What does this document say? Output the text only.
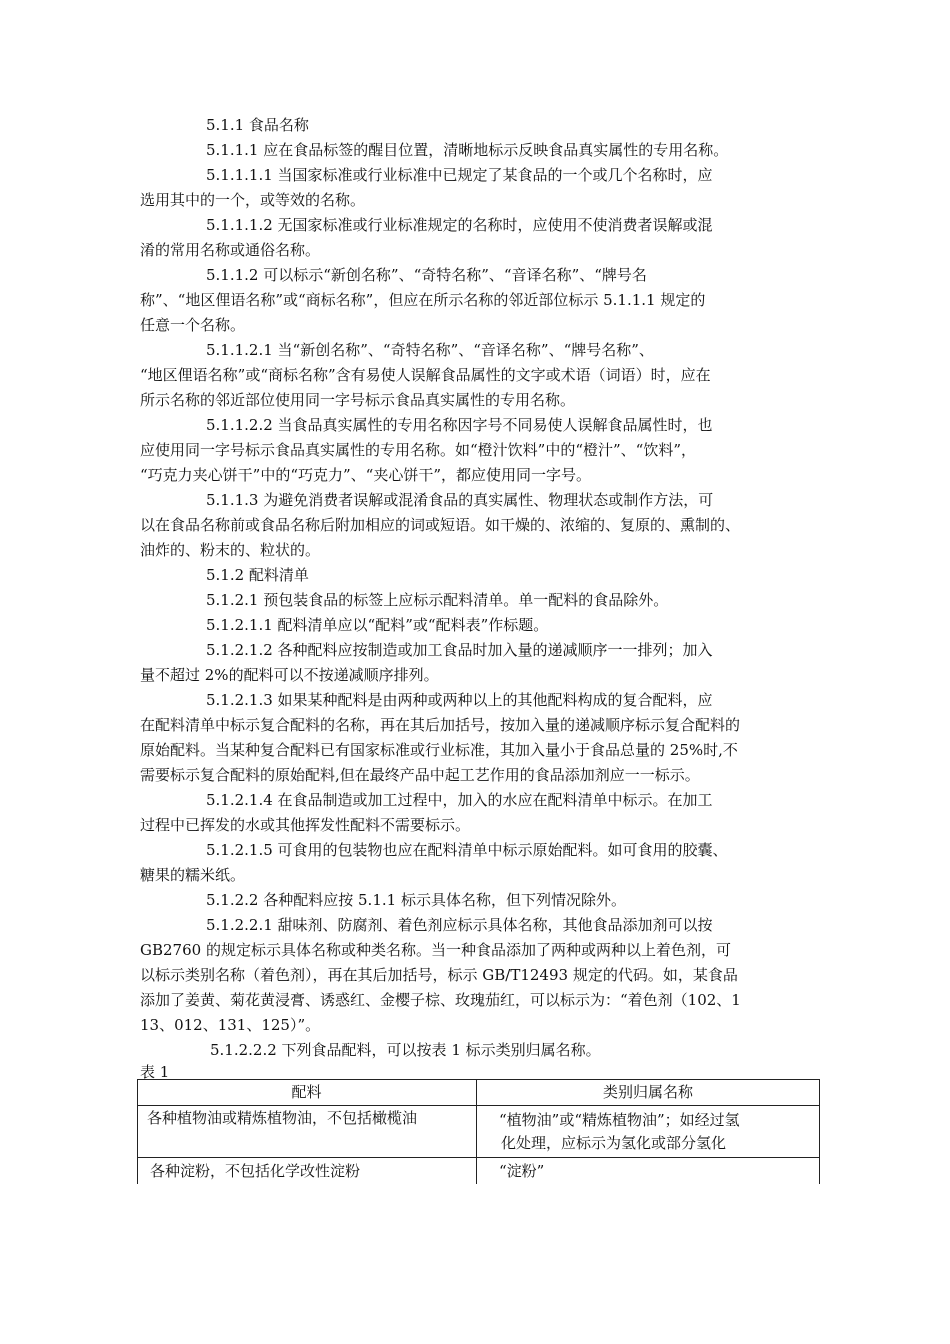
5.1.1 食品名称

5.1.1.1 应在食品标签的醒目位置，清晰地标示反映食品真实属性的专用名称。

5.1.1.1.1 当国家标准或行业标准中已规定了某食品的一个或几个名称时，应

选用其中的一个，或等效的名称。

5.1.1.1.2 无国家标准或行业标准规定的名称时，应使用不使消费者误解或混

淆的常用名称或通俗名称。

5.1.1.2 可以标示“新创名称”、“奇特名称”、“音译名称”、“牌号名

称”、“地区俚语名称”或“商标名称”，但应在所示名称的邻近部位标示 5.1.1.1 规定的

任意一个名称。

5.1.1.2.1 当“新创名称”、“奇特名称”、“音译名称”、“牌号名称”、

“地区俚语名称”或“商标名称”含有易使人误解食品属性的文字或术语（词语）时，应在

所示名称的邻近部位使用同一字号标示食品真实属性的专用名称。

5.1.1.2.2 当食品真实属性的专用名称因字号不同易使人误解食品属性时，也

应使用同一字号标示食品真实属性的专用名称。如“橙汁饮料”中的“橙汁”、“饮料”，

“巧克力夹心饼干”中的“巧克力”、“夹心饼干”，都应使用同一字号。

5.1.1.3 为避免消费者误解或混淆食品的真实属性、物理状态或制作方法，可

以在食品名称前或食品名称后附加相应的词或短语。如干燥的、浓缩的、复原的、熏制的、

油炸的、粉末的、粒状的。

5.1.2 配料清单

5.1.2.1 预包装食品的标签上应标示配料清单。单一配料的食品除外。

5.1.2.1.1 配料清单应以“配料”或“配料表”作标题。

5.1.2.1.2 各种配料应按制造或加工食品时加入量的递减顺序一一排列；加入

量不超过 2%的配料可以不按递减顺序排列。

5.1.2.1.3 如果某种配料是由两种或两种以上的其他配料构成的复合配料，应

在配料清单中标示复合配料的名称，再在其后加括号，按加入量的递减顺序标示复合配料的

原始配料。当某种复合配料已有国家标准或行业标准，其加入量小于食品总量的 25%时,不

需要标示复合配料的原始配料,但在最终产品中起工艺作用的食品添加剂应一一标示。

5.1.2.1.4 在食品制造或加工过程中，加入的水应在配料清单中标示。在加工

过程中已挥发的水或其他挥发性配料不需要标示。

5.1.2.1.5 可食用的包装物也应在配料清单中标示原始配料。如可食用的胶囊、

糖果的糯米纸。

5.1.2.2 各种配料应按 5.1.1 标示具体名称，但下列情况除外。

5.1.2.2.1 甜味剂、防腐剂、着色剂应标示具体名称，其他食品添加剂可以按

GB2760 的规定标示具体名称或种类名称。当一种食品添加了两种或两种以上着色剂，可

以标示类别名称（着色剂），再在其后加括号，标示 GB/T12493 规定的代码。如，某食品

添加了姜黄、菊花黄浸膏、诱惑红、金樱子棕、玫瑰茄红，可以标示为：“着色剂（102、1

13、012、131、125）”。

5.1.2.2.2 下列食品配料，可以按表 1 标示类别归属名称。

表 1

配料	类别归属名称
各种植物油或精炼植物油，不包括橄榄油	“植物油”或“精炼植物油”；如经过氢
化处理，应标示为氢化或部分氢化
各种淀粉，不包括化学改性淀粉	“淀粉”
